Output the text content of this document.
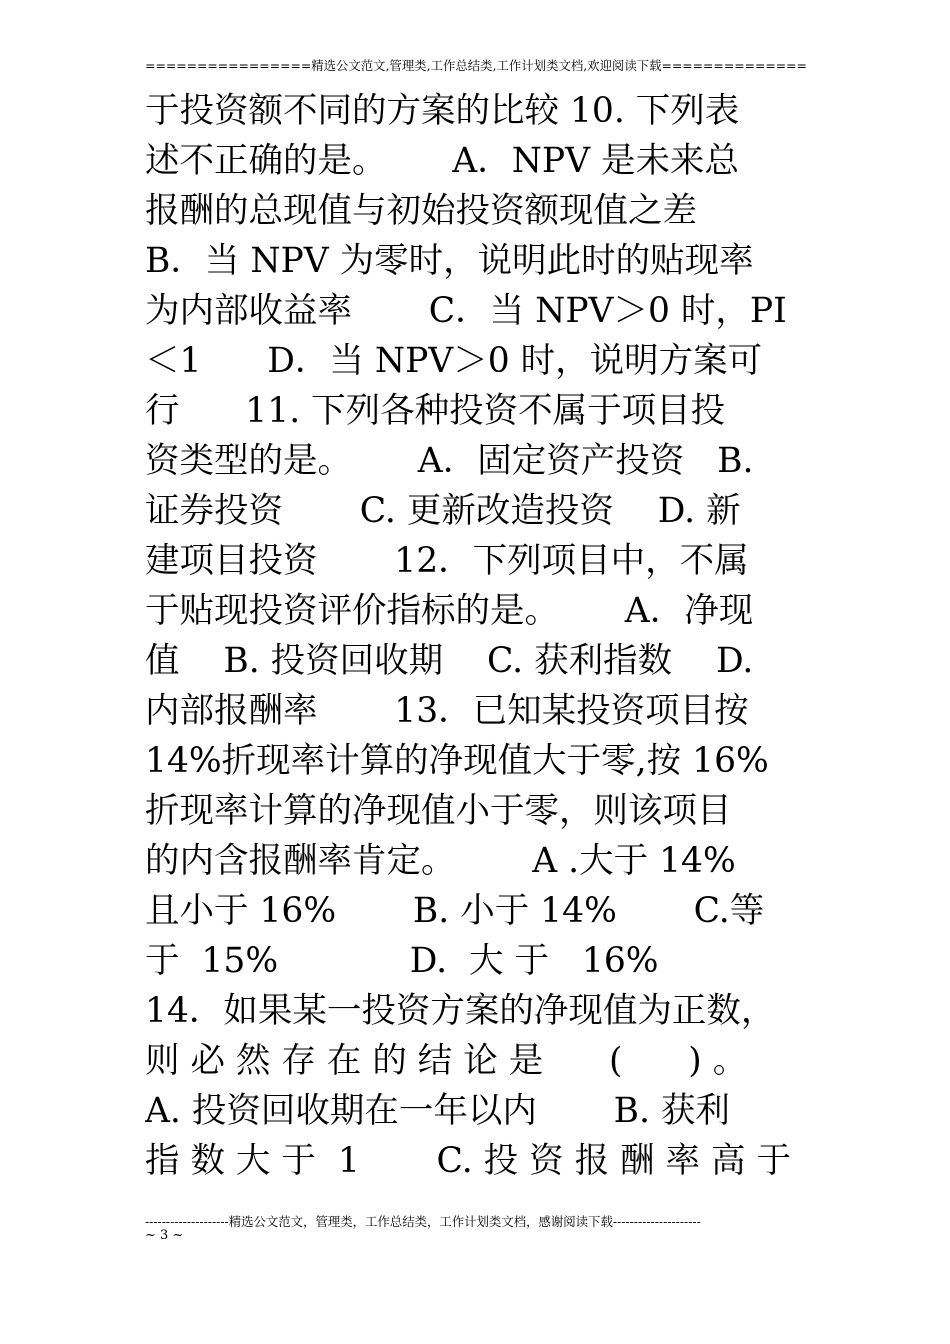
================精选公文范文,管理类,工作总结类,工作计划类文档,欢迎阅读下载==============
于投资额不同的方案的比较 10. 下列表
述不正确的是。      A．NPV 是未来总
报酬的总现值与初始投资额现值之差
B．当 NPV 为零时，说明此时的贴现率
为内部收益率       C．当 NPV＞0 时，PI
＜1      D．当 NPV＞0 时，说明方案可
行      11. 下列各种投资不属于项目投
资类型的是。      A．固定资产投资   B.
证券投资       C. 更新改造投资    D. 新
建项目投资       12．下列项目中，不属
于贴现投资评价指标的是。      A．净现
值    B. 投资回收期    C. 获利指数    D.
内部报酬率       13．已知某投资项目按
14%折现率计算的净现值大于零,按 16%
折现率计算的净现值小于零，则该项目
的内含报酬率肯定。       A .大于 14%
且小于 16%       B. 小于 14%       C.等
于  15%            D.  大 于   16%
14．如果某一投资方案的净现值为正数，
则 必 然 存 在 的 结 论 是      (      ) 。
A. 投资回收期在一年以内       B. 获利
指 数 大 于  1       C. 投 资 报 酬 率 高 于
--------------------精选公文范文，管理类，工作总结类，工作计划类文档，感谢阅读下载---------------------
~ 3 ~
